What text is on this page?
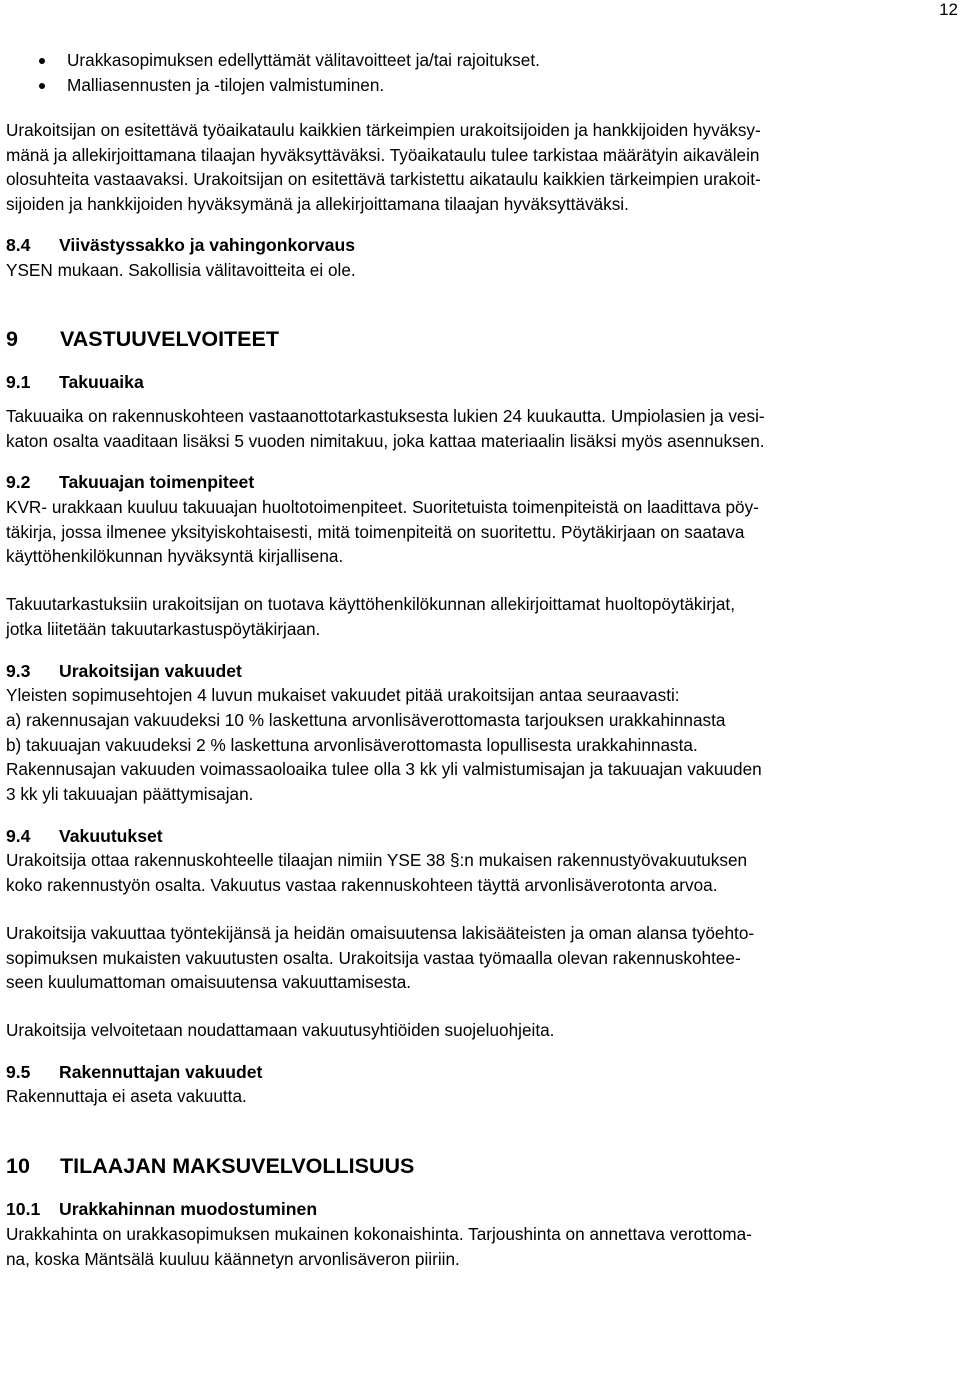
12
Urakkasopimuksen edellyttämät välitavoitteet ja/tai rajoitukset.
Malliasennusten ja -tilojen valmistuminen.

Urakoitsijan on esitettävä työaikataulu kaikkien tärkeimpien urakoitsijoiden ja hankkijoiden hyväksy-

mänä ja allekirjoittamana tilaajan hyväksyttäväksi. Työaikataulu tulee tarkistaa määrätyin aikavälein

olosuhteita vastaavaksi. Urakoitsijan on esitettävä tarkistettu aikataulu kaikkien tärkeimpien urakoit-

sijoiden ja hankkijoiden hyväksymänä ja allekirjoittamana tilaajan hyväksyttäväksi.

8.4	Viivästyssakko ja vahingonkorvaus

YSEN mukaan. Sakollisia välitavoitteita ei ole.

9	VASTUUVELVOITEET
9.1	Takuuaika

Takuuaika on rakennuskohteen vastaanottotarkastuksesta lukien 24 kuukautta. Umpiolasien ja vesi-

katon osalta vaaditaan lisäksi 5 vuoden nimitakuu, joka kattaa materiaalin lisäksi myös asennuksen.

9.2	Takuuajan toimenpiteet

KVR- urakkaan kuuluu takuuajan huoltotoimenpiteet. Suoritetuista toimenpiteistä on laadittava pöy-

täkirja, jossa ilmenee yksityiskohtaisesti, mitä toimenpiteitä on suoritettu. Pöytäkirjaan on saatava

käyttöhenkilökunnan hyväksyntä kirjallisena.

Takuutarkastuksiin urakoitsijan on tuotava käyttöhenkilökunnan allekirjoittamat huoltopöytäkirjat,

jotka liitetään takuutarkastuspöytäkirjaan.

9.3	Urakoitsijan vakuudet

Yleisten sopimusehtojen 4 luvun mukaiset vakuudet pitää urakoitsijan antaa seuraavasti:

a) rakennusajan vakuudeksi 10 % laskettuna arvonlisäverottomasta tarjouksen urakkahinnasta

b) takuuajan vakuudeksi 2 % laskettuna arvonlisäverottomasta lopullisesta urakkahinnasta.

Rakennusajan vakuuden voimassaoloaika tulee olla 3 kk yli valmistumisajan ja takuuajan vakuuden

3 kk yli takuuajan päättymisajan.

9.4	Vakuutukset

Urakoitsija ottaa rakennuskohteelle tilaajan nimiin YSE 38 §:n mukaisen rakennustyövakuutuksen

koko rakennustyön osalta. Vakuutus vastaa rakennuskohteen täyttä arvonlisäverotonta arvoa.

Urakoitsija vakuuttaa työntekijänsä ja heidän omaisuutensa lakisääteisten ja oman alansa työehto-

sopimuksen mukaisten vakuutusten osalta. Urakoitsija vastaa työmaalla olevan rakennuskohtee-

seen kuulumattoman omaisuutensa vakuuttamisesta.

Urakoitsija velvoitetaan noudattamaan vakuutusyhtiöiden suojeluohjeita.

9.5	Rakennuttajan vakuudet

Rakennuttaja ei aseta vakuutta.

10	TILAAJAN MAKSUVELVOLLISUUS
10.1	Urakkahinnan muodostuminen

Urakkahinta on urakkasopimuksen mukainen kokonaishinta. Tarjoushinta on annettava verottoma-

na, koska Mäntsälä kuuluu käännetyn arvonlisäveron piiriin.
